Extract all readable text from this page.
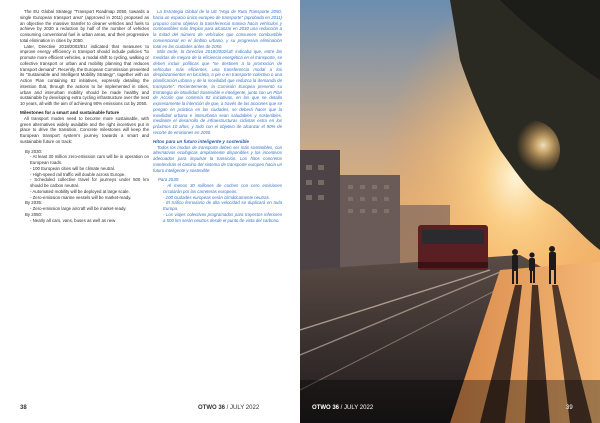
The EU Global Strategy "Transport Roadmap 2050, towards a single European transport area" (approved in 2011) proposed as an objective the massive transfer to cleaner vehicles and fuels to achieve by 2030 a reduction by half of the number of vehicles consuming conventional fuel in urban areas, and their progressive total elimination in cities by 2050.

Later, Directive 2018/2002/EU indicated that measures to improve energy efficiency in transport should include policies "to promote more efficient vehicles, a modal shift to cycling, walking or collective transport or urban and mobility planning that reduces transport demand". Recently, the European Commission presented its "Sustainable and Intelligent Mobility Strategy", together with an Action Plan containing 82 initiatives, expressly detailing the intention that, through the actions to be implemented in cities, urban and interurban mobility should be made healthy and sustainable by developing extra cycling infrastructure over the next 10 years, all with the aim of achieving 90% emissions cut by 2050.

Milestones for a smart and sustainable future

All transport modes need to become more sustainable, with green alternatives widely available and the right incentives put in place to drive the transition. Concrete milestones will keep the European transport system's journey towards a smart and sustainable future on track:

By 2030:
- At least 30 million zero-emission cars will be in operation on European roads.
- 100 European cities will be climate neutral.
- High-speed rail traffic will double across Europe.
- Scheduled collective travel for journeys under 500 km should be carbon neutral.
- Automated mobility will be deployed at large scale.
- Zero-emission marine vessels will be market-ready.
By 2035:
- Zero-emission large aircraft will be market-ready.
By 2050:
- Nearly all cars, vans, buses as well as new

La Estrategia Global de la UE "Hoja de Ruta Transporte 2050, hacia un espacio único europeo de transporte" (aprobada en 2011) propuso como objetivo la transferencia masiva hacia vehículos y combustibles más limpios para alcanzar en 2030 una reducción a la mitad del número de vehículos que consumen combustible convencional en el ámbito urbano, y su progresiva eliminación total en las ciudades antes de 2050.

Más tarde, la Directiva 2018/2002/UE indicaba que, entre las medidas de mejora de la eficiencia energética en el transporte, se deben incluir políticas que "se destinen a la promoción de vehículos más eficientes, una transferencia modal a los desplazamientos en bicicleta, a pie o en transporte colectivo o una planificación urbana y de la movilidad que reduzca la demanda de transporte". Recientemente, la Comisión Europea presentó su Estrategia de Movilidad Sostenible e Inteligente, junto con un Plan de Acción que contenía 82 iniciativas, en las que se detalla expresamente la intención de que, a través de las acciones que se pongan en práctica en las ciudades, se deberá hacer que la movilidad urbana e interurbana sean saludables y sostenibles, mediante el desarrollo de infraestructuras ciclistas extra en los próximos 10 años, y todo con el objetivo de alcanzar el 90% de recorte de emisiones en 2050.

Hitos para un futuro inteligente y sostenible

Todos los modos de transporte deben ser más sostenibles, con alternativas ecológicas ampliamente disponibles y los incentivos adecuados para impulsar la transición. Los hitos concretos mantendrán el camino del sistema de transporte europeo hacia un futuro inteligente y sostenible:

Para 2030:
- Al menos 30 millones de coches con cero emisiones circularán por las carreteras europeas.
- 100 ciudades europeas serán climáticamente neutras.
- El tráfico ferroviario de alta velocidad se duplicará en toda Europa.
- Los viajes colectivos programados para trayectos inferiores a 500 km serán neutros desde el punto de vista del carbono.
38	OTWO 36 / JULY 2022	OTWO 36 / JULY 2022	39
